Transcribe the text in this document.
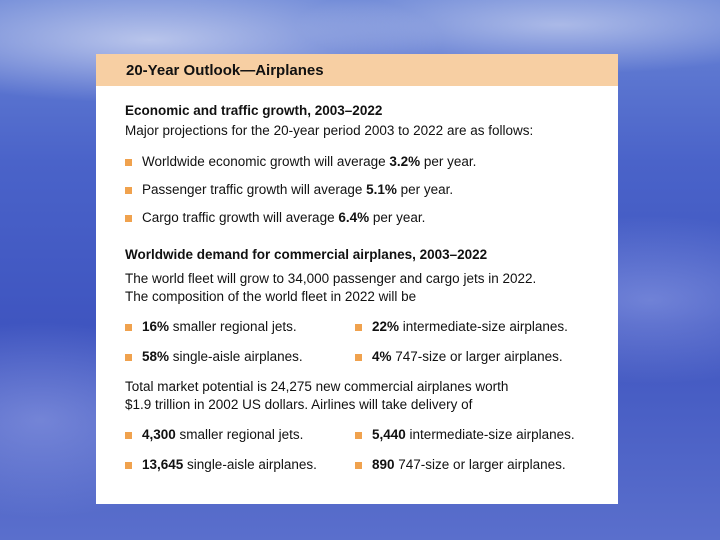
20-Year Outlook—Airplanes

Economic and traffic growth, 2003–2022

Major projections for the 20-year period 2003 to 2022 are as follows:

Worldwide economic growth will average 3.2% per year.
Passenger traffic growth will average 5.1% per year.
Cargo traffic growth will average 6.4% per year.

Worldwide demand for commercial airplanes, 2003–2022

The world fleet will grow to 34,000 passenger and cargo jets in 2022.

The composition of the world fleet in 2022 will be

16% smaller regional jets.	22% intermediate-size airplanes.
58% single-aisle airplanes.	4% 747-size or larger airplanes.

Total market potential is 24,275 new commercial airplanes worth

$1.9 trillion in 2002 US dollars. Airlines will take delivery of

4,300 smaller regional jets.	5,440 intermediate-size airplanes.
13,645 single-aisle airplanes.	890 747-size or larger airplanes.
